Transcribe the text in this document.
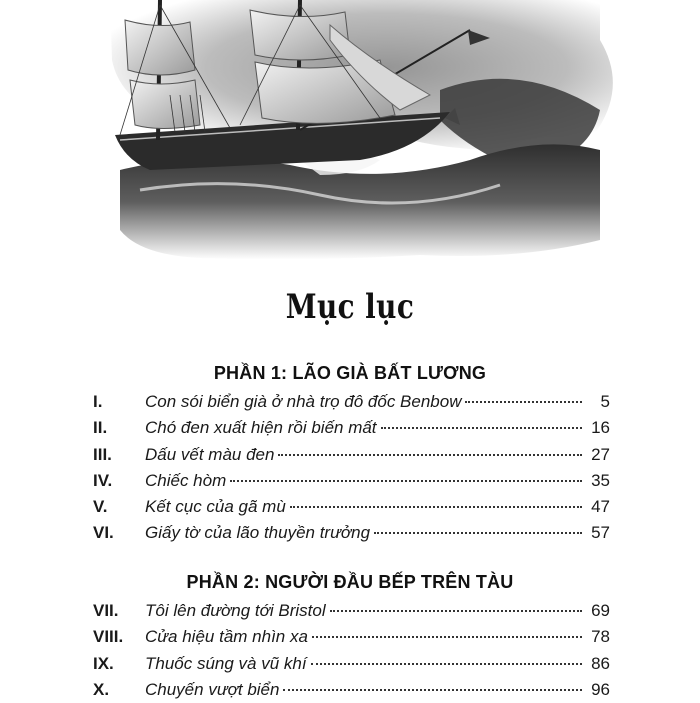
Mục lục
PHẦN 1: LÃO GIÀ BẤT LƯƠNG
I.	Con sói biển già ở nhà trọ đô đốc Benbow	5
II.	Chó đen xuất hiện rồi biến mất	16
III.	Dấu vết màu đen	27
IV.	Chiếc hòm	35
V.	Kết cục của gã mù	47
VI.	Giấy tờ của lão thuyền trưởng	57
PHẦN 2: NGƯỜI ĐẦU BẾP TRÊN TÀU
VII.	Tôi lên đường tới Bristol	69
VIII.	Cửa hiệu tầm nhìn xa	78
IX.	Thuốc súng và vũ khí	86
X.	Chuyến vượt biển	96
